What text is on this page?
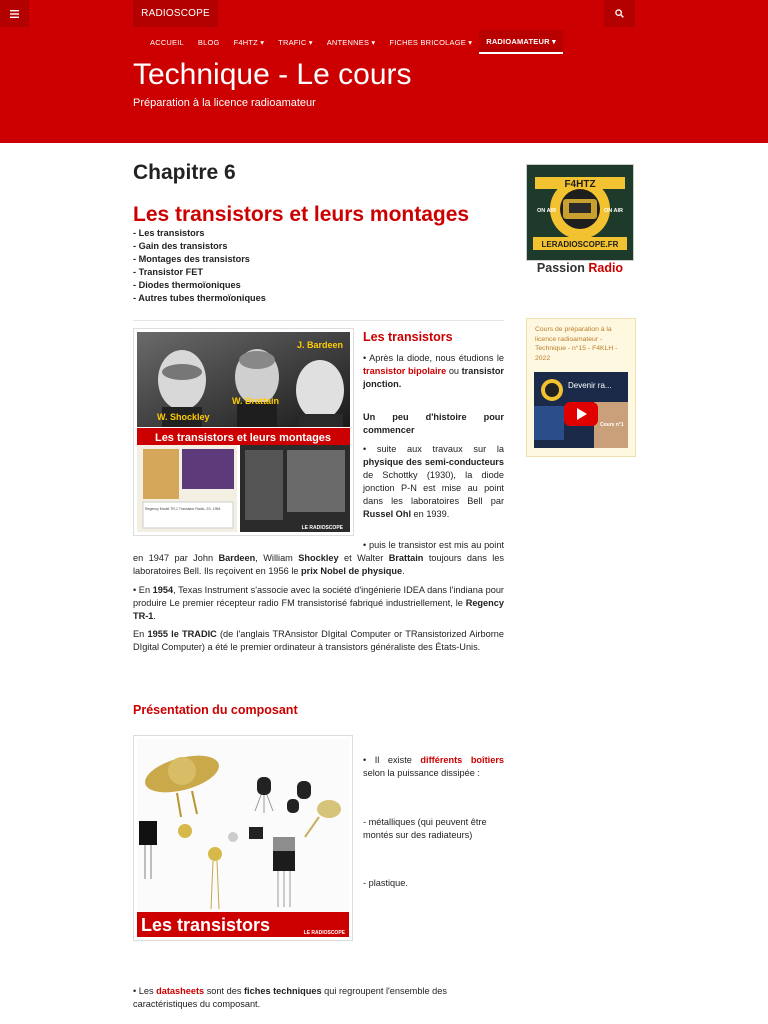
RADIOSCOPE
ACCUEIL	BLOG	F4HTZ ▾	TRAFIC ▾	ANTENNES ▾	FICHES BRICOLAGE ▾	RADIOAMATEUR ▾
Technique - Le cours
Préparation à la licence radioamateur
Chapitre 6
Les transistors et leurs montages
- Les transistors
- Gain des transistors
- Montages des transistors
- Transistor FET
- Diodes thermoïoniques
- Autres tubes thermoïoniques
J. Bardeen
W. Brattain
W. Shockley
Les transistors et leurs montages
Regency Model TR-1 Transistor Radio, 2S, 1954
LE RADIOSCOPE
Les transistors
• Après la diode, nous étudions le transistor bipolaire ou transistor jonction.
Un peu d'histoire pour commencer
• suite aux travaux sur la physique des semi-conducteurs de Schottky (1930), la diode jonction P-N est mise au point dans les laboratoires Bell par Russel Ohl en 1939.
• puis le transistor est mis au point en 1947 par John Bardeen, William Shockley et Walter Brattain toujours dans les laboratoires Bell. Ils reçoivent en 1956 le prix Nobel de physique.
• En 1954, Texas Instrument s'associe avec la société d'ingénierie IDEA dans l'indiana pour produire Le premier récepteur radio FM transistorisé fabriqué industriellement, le Regency TR-1.
En 1955 le TRADIC (de l'anglais TRAnsistor DIgital Computer or TRansistorized Airborne DIgital Computer) a été le premier ordinateur à transistors généraliste des États-Unis.
Présentation du composant
Les transistors	LE RADIOSCOPE
• Il existe différents boîtiers selon la puissance dissipée :
- métalliques (qui peuvent être montés sur des radiateurs)
- plastique.
• Les datasheets sont des fiches techniques qui regroupent l'ensemble des caractéristiques du composant.
F4HTZ
ON AIR	ON AIR
LERADIOSCOPE.FR
Passion Radio
Cours de préparation à la licence radioamateur - Technique - n°15 - F4KLH - 2022
Devenir ra...
Cours n°1
